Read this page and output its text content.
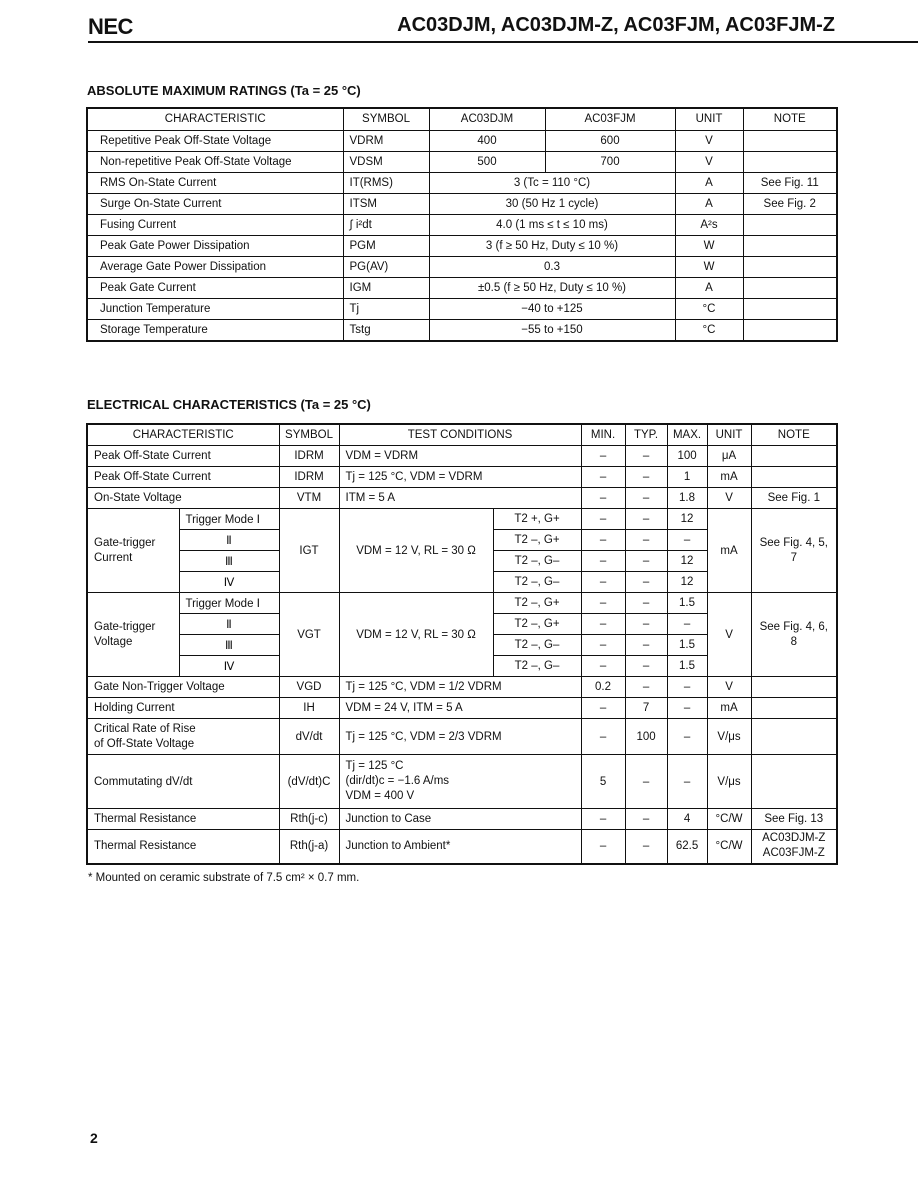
NEC	AC03DJM, AC03DJM-Z, AC03FJM, AC03FJM-Z
ABSOLUTE MAXIMUM RATINGS (Ta = 25 °C)
CHARACTERISTIC	SYMBOL	AC03DJM	AC03FJM	UNIT	NOTE
Repetitive Peak Off-State Voltage	VDRM	400	600	V	
Non-repetitive Peak Off-State Voltage	VDSM	500	700	V	
RMS On-State Current	IT(RMS)	3 (Tc = 110 °C)		A	See Fig. 11
Surge On-State Current	ITSM	30 (50 Hz 1 cycle)		A	See Fig. 2
Fusing Current	∫ i²dt	4.0 (1 ms ≤ t ≤ 10 ms)		A²s	
Peak Gate Power Dissipation	PGM	3 (f ≥ 50 Hz, Duty ≤ 10 %)		W	
Average Gate Power Dissipation	PG(AV)	0.3		W	
Peak Gate Current	IGM	±0.5 (f ≥ 50 Hz, Duty ≤ 10 %)		A	
Junction Temperature	Tj	−40 to +125		°C	
Storage Temperature	Tstg	−55 to +150		°C	
ELECTRICAL CHARACTERISTICS (Ta = 25 °C)
CHARACTERISTIC		SYMBOL	TEST CONDITIONS		MIN.	TYP.	MAX.	UNIT	NOTE
Peak Off-State Current		IDRM	VDM = VDRM		–	–	100	μA	
Peak Off-State Current		IDRM	Tj = 125 °C, VDM = VDRM		–	–	1	mA	
On-State Voltage		VTM	ITM = 5 A		–	–	1.8	V	See Fig. 1
Gate-trigger Current	Trigger Mode Ⅰ	IGT	VDM = 12 V, RL = 30 Ω	T2 +, G+	–	–	12	mA	See Fig. 4, 5, 7
	Ⅱ			T2 –, G+	–	–	–		
	Ⅲ			T2 –, G–	–	–	12		
	Ⅳ			T2 –, G–	–	–	12		
Gate-trigger Voltage	Trigger Mode Ⅰ	VGT	VDM = 12 V, RL = 30 Ω	T2 –, G+	–	–	1.5	V	See Fig. 4, 6, 8
	Ⅱ			T2 –, G+	–	–	–		
	Ⅲ			T2 –, G–	–	–	1.5		
	Ⅳ			T2 –, G–	–	–	1.5		
Gate Non-Trigger Voltage		VGD	Tj = 125 °C, VDM = 1/2 VDRM		0.2	–	–	V	
Holding Current		IH	VDM = 24 V, ITM = 5 A		–	7	–	mA	

Critical Rate of Rise
of Off-State Voltage		dV/dt	Tj = 125 °C, VDM = 2/3 VDRM		–	100	–	V/μs	
Commutating dV/dt		(dV/dt)C	Tj = 125 °C
(dir/dt)c = −1.6 A/ms
VDM = 400 V		5	–	–	V/μs	
Thermal Resistance		Rth(j-c)	Junction to Case		–	–	4	°C/W	See Fig. 13
Thermal Resistance		Rth(j-a)	Junction to Ambient*		–	–	62.5	°C/W	AC03DJM-Z
AC03FJM-Z
* Mounted on ceramic substrate of 7.5 cm² × 0.7 mm.
2
